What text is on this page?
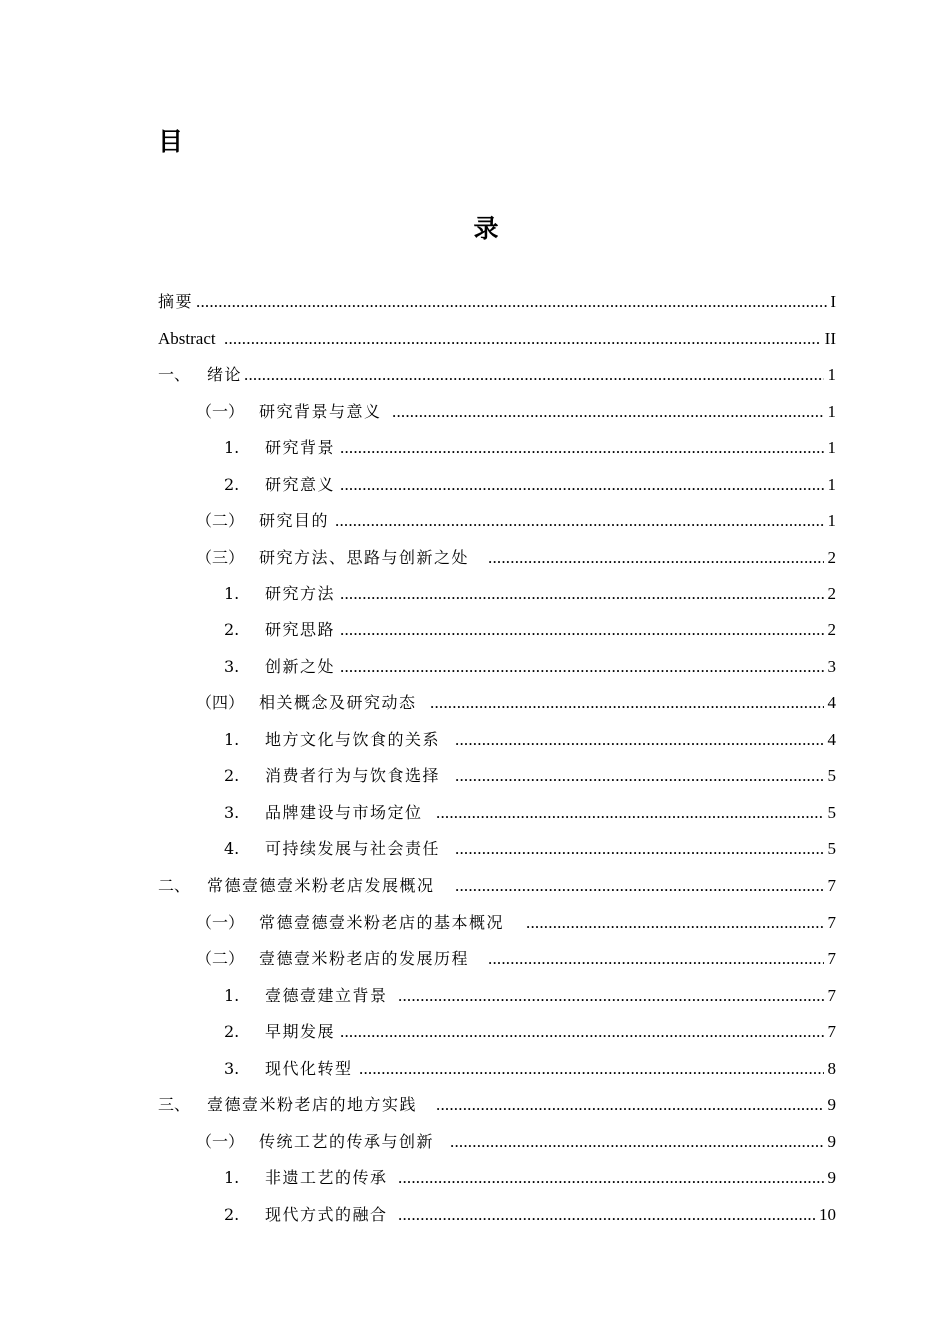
目
录
摘要 .....	I
Abstract .....	II
一、 绪论 .....	1
（一） 研究背景与意义 .....	1
1. 研究背景 .....	1
2. 研究意义 .....	1
（二） 研究目的 .....	1
（三） 研究方法、思路与创新之处 .....	2
1. 研究方法 .....	2
2. 研究思路 .....	2
3. 创新之处 .....	3
（四） 相关概念及研究动态 .....	4
1. 地方文化与饮食的关系 .....	4
2. 消费者行为与饮食选择 .....	5
3. 品牌建设与市场定位 .....	5
4. 可持续发展与社会责任 .....	5
二、 常德壹德壹米粉老店发展概况 .....	7
（一） 常德壹德壹米粉老店的基本概况 .....	7
（二） 壹德壹米粉老店的发展历程 .....	7
1. 壹德壹建立背景 .....	7
2. 早期发展 .....	7
3. 现代化转型 .....	8
三、 壹德壹米粉老店的地方实践 .....	9
（一） 传统工艺的传承与创新 .....	9
1. 非遗工艺的传承 .....	9
2. 现代方式的融合 .....	10
